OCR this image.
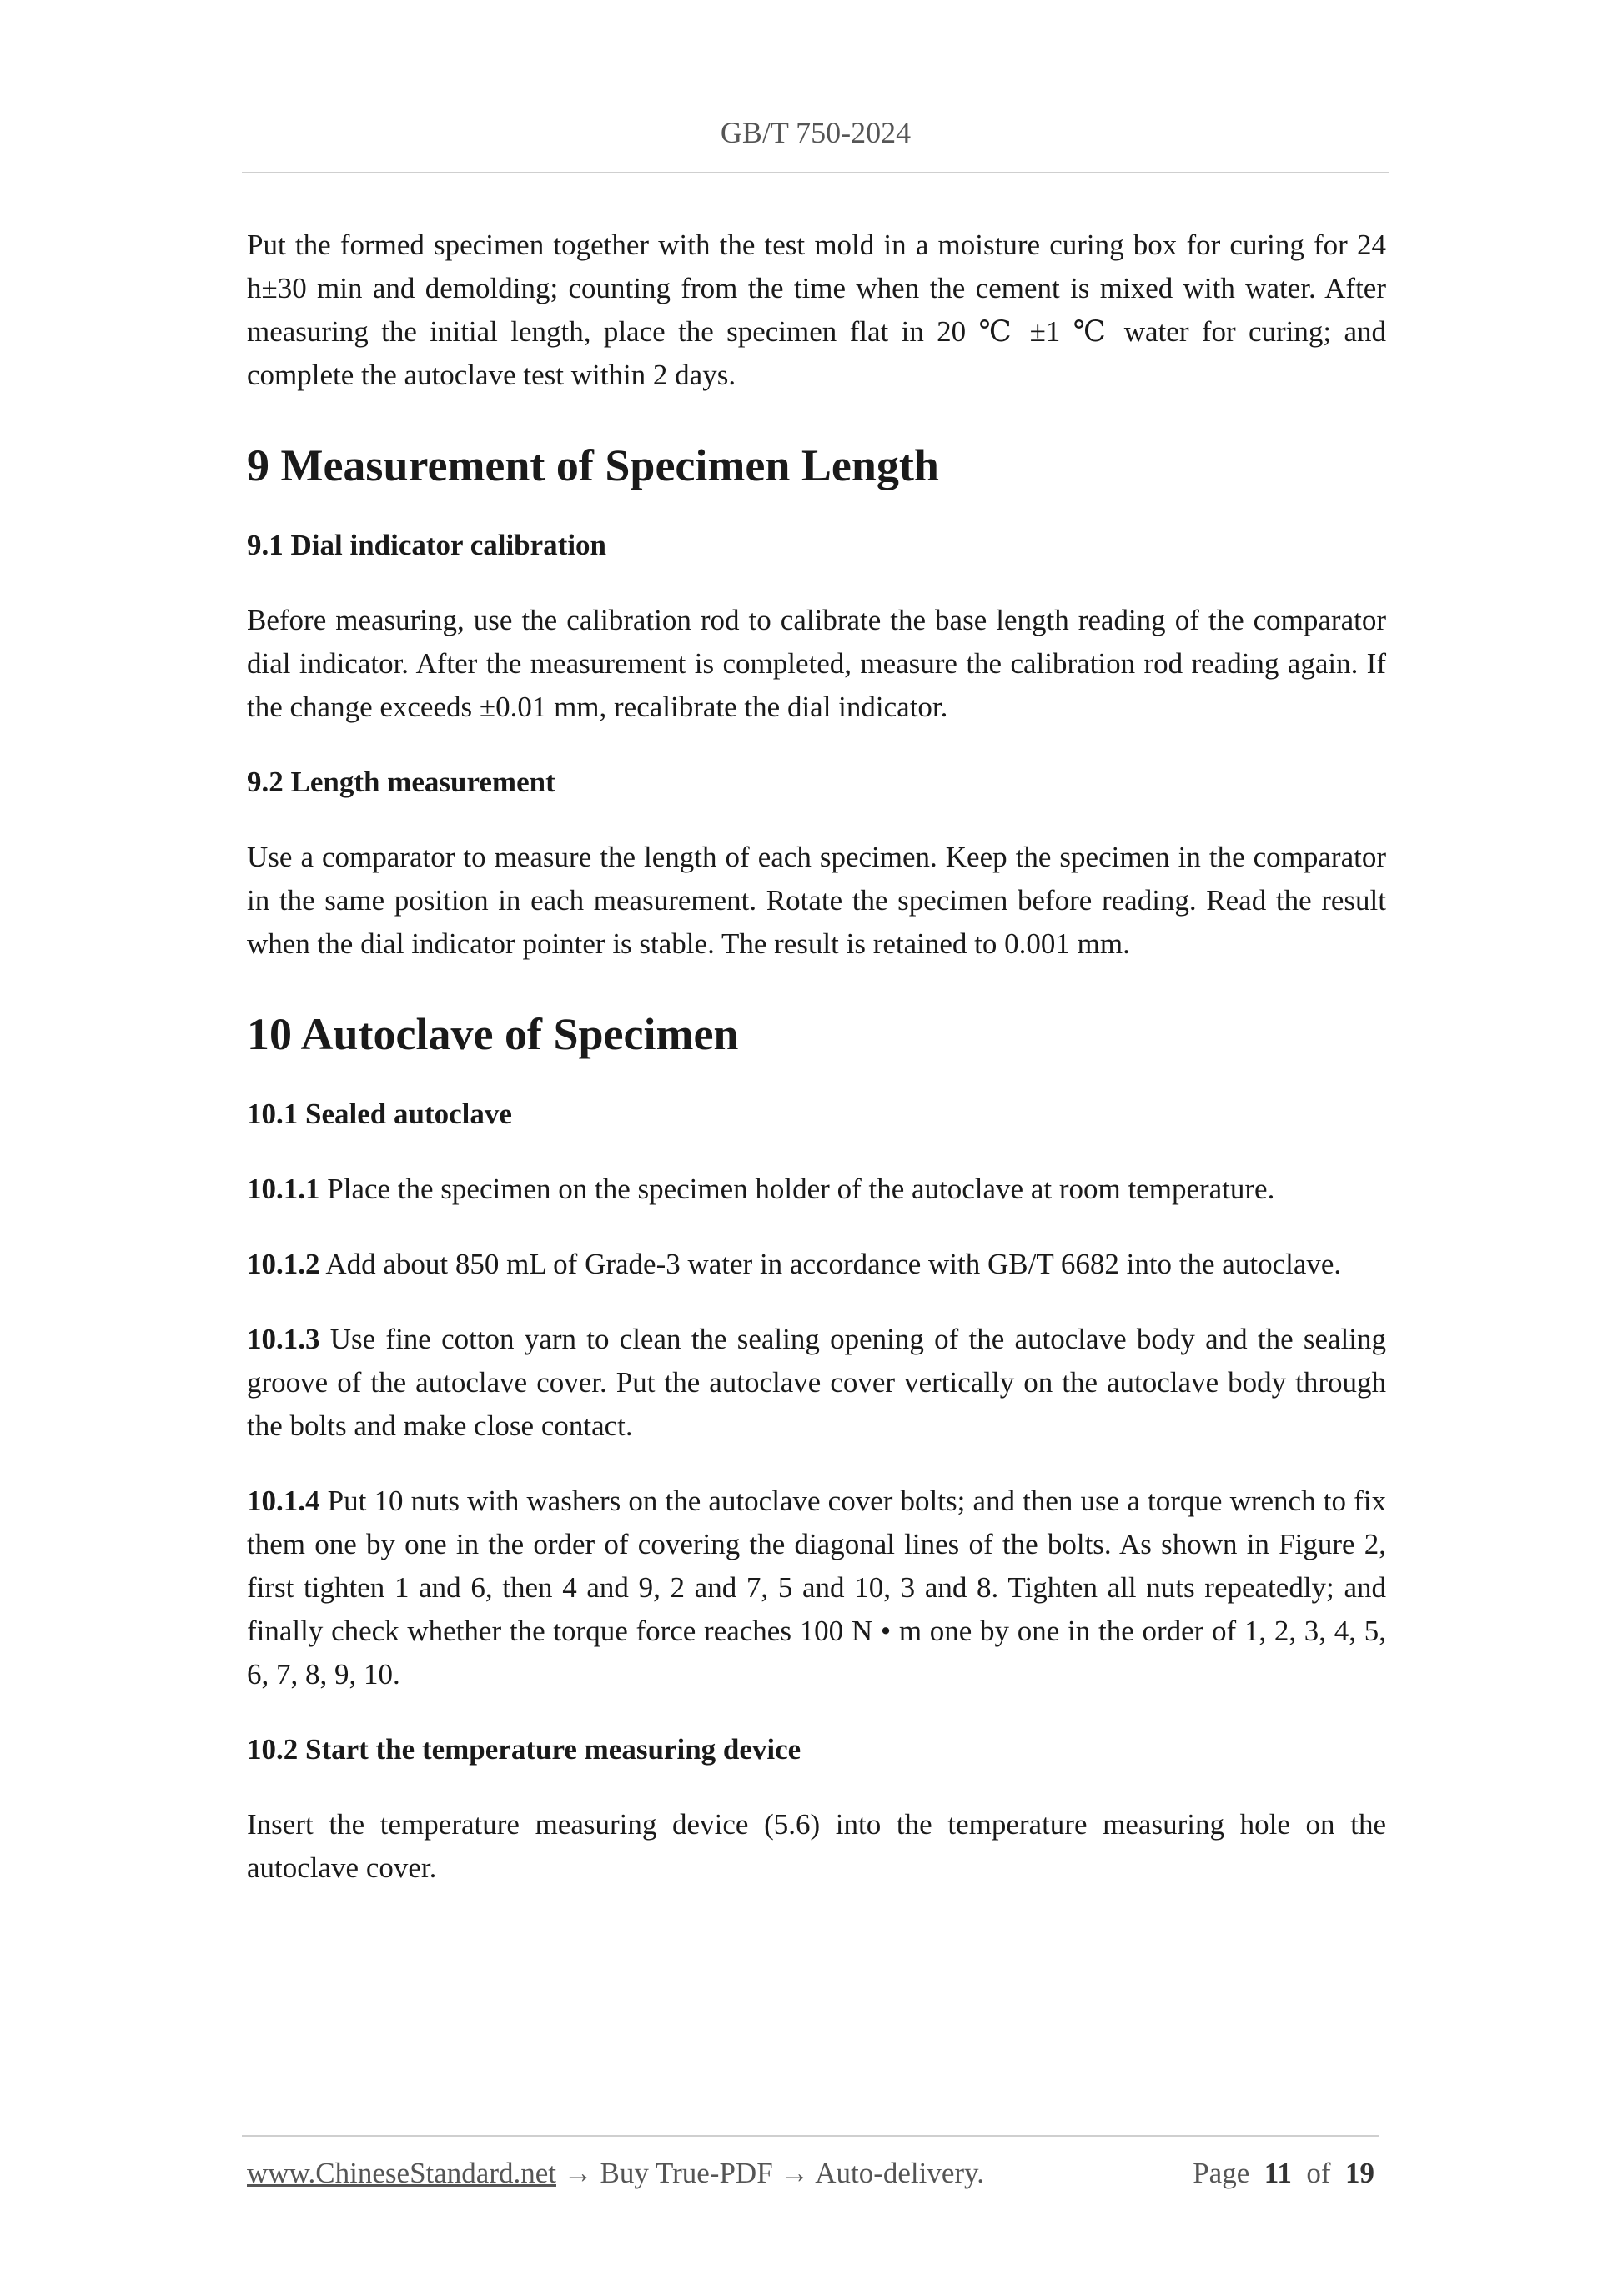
GB/T 750-2024

Put the formed specimen together with the test mold in a moisture curing box for curing for 24 h±30 min and demolding; counting from the time when the cement is mixed with water. After measuring the initial length, place the specimen flat in 20 ℃ ±1 ℃ water for curing; and complete the autoclave test within 2 days.

9 Measurement of Specimen Length
9.1 Dial indicator calibration

Before measuring, use the calibration rod to calibrate the base length reading of the comparator dial indicator. After the measurement is completed, measure the calibration rod reading again. If the change exceeds ±0.01 mm, recalibrate the dial indicator.

9.2 Length measurement

Use a comparator to measure the length of each specimen. Keep the specimen in the comparator in the same position in each measurement. Rotate the specimen before reading. Read the result when the dial indicator pointer is stable. The result is retained to 0.001 mm.

10 Autoclave of Specimen
10.1 Sealed autoclave

10.1.1 Place the specimen on the specimen holder of the autoclave at room temperature.

10.1.2 Add about 850 mL of Grade-3 water in accordance with GB/T 6682 into the autoclave.

10.1.3 Use fine cotton yarn to clean the sealing opening of the autoclave body and the sealing groove of the autoclave cover. Put the autoclave cover vertically on the autoclave body through the bolts and make close contact.

10.1.4 Put 10 nuts with washers on the autoclave cover bolts; and then use a torque wrench to fix them one by one in the order of covering the diagonal lines of the bolts. As shown in Figure 2, first tighten 1 and 6, then 4 and 9, 2 and 7, 5 and 10, 3 and 8. Tighten all nuts repeatedly; and finally check whether the torque force reaches 100 N • m one by one in the order of 1, 2, 3, 4, 5, 6, 7, 8, 9, 10.

10.2 Start the temperature measuring device

Insert the temperature measuring device (5.6) into the temperature measuring hole on the autoclave cover.

www.ChineseStandard.net → Buy True-PDF → Auto-delivery.	Page 11 of 19
